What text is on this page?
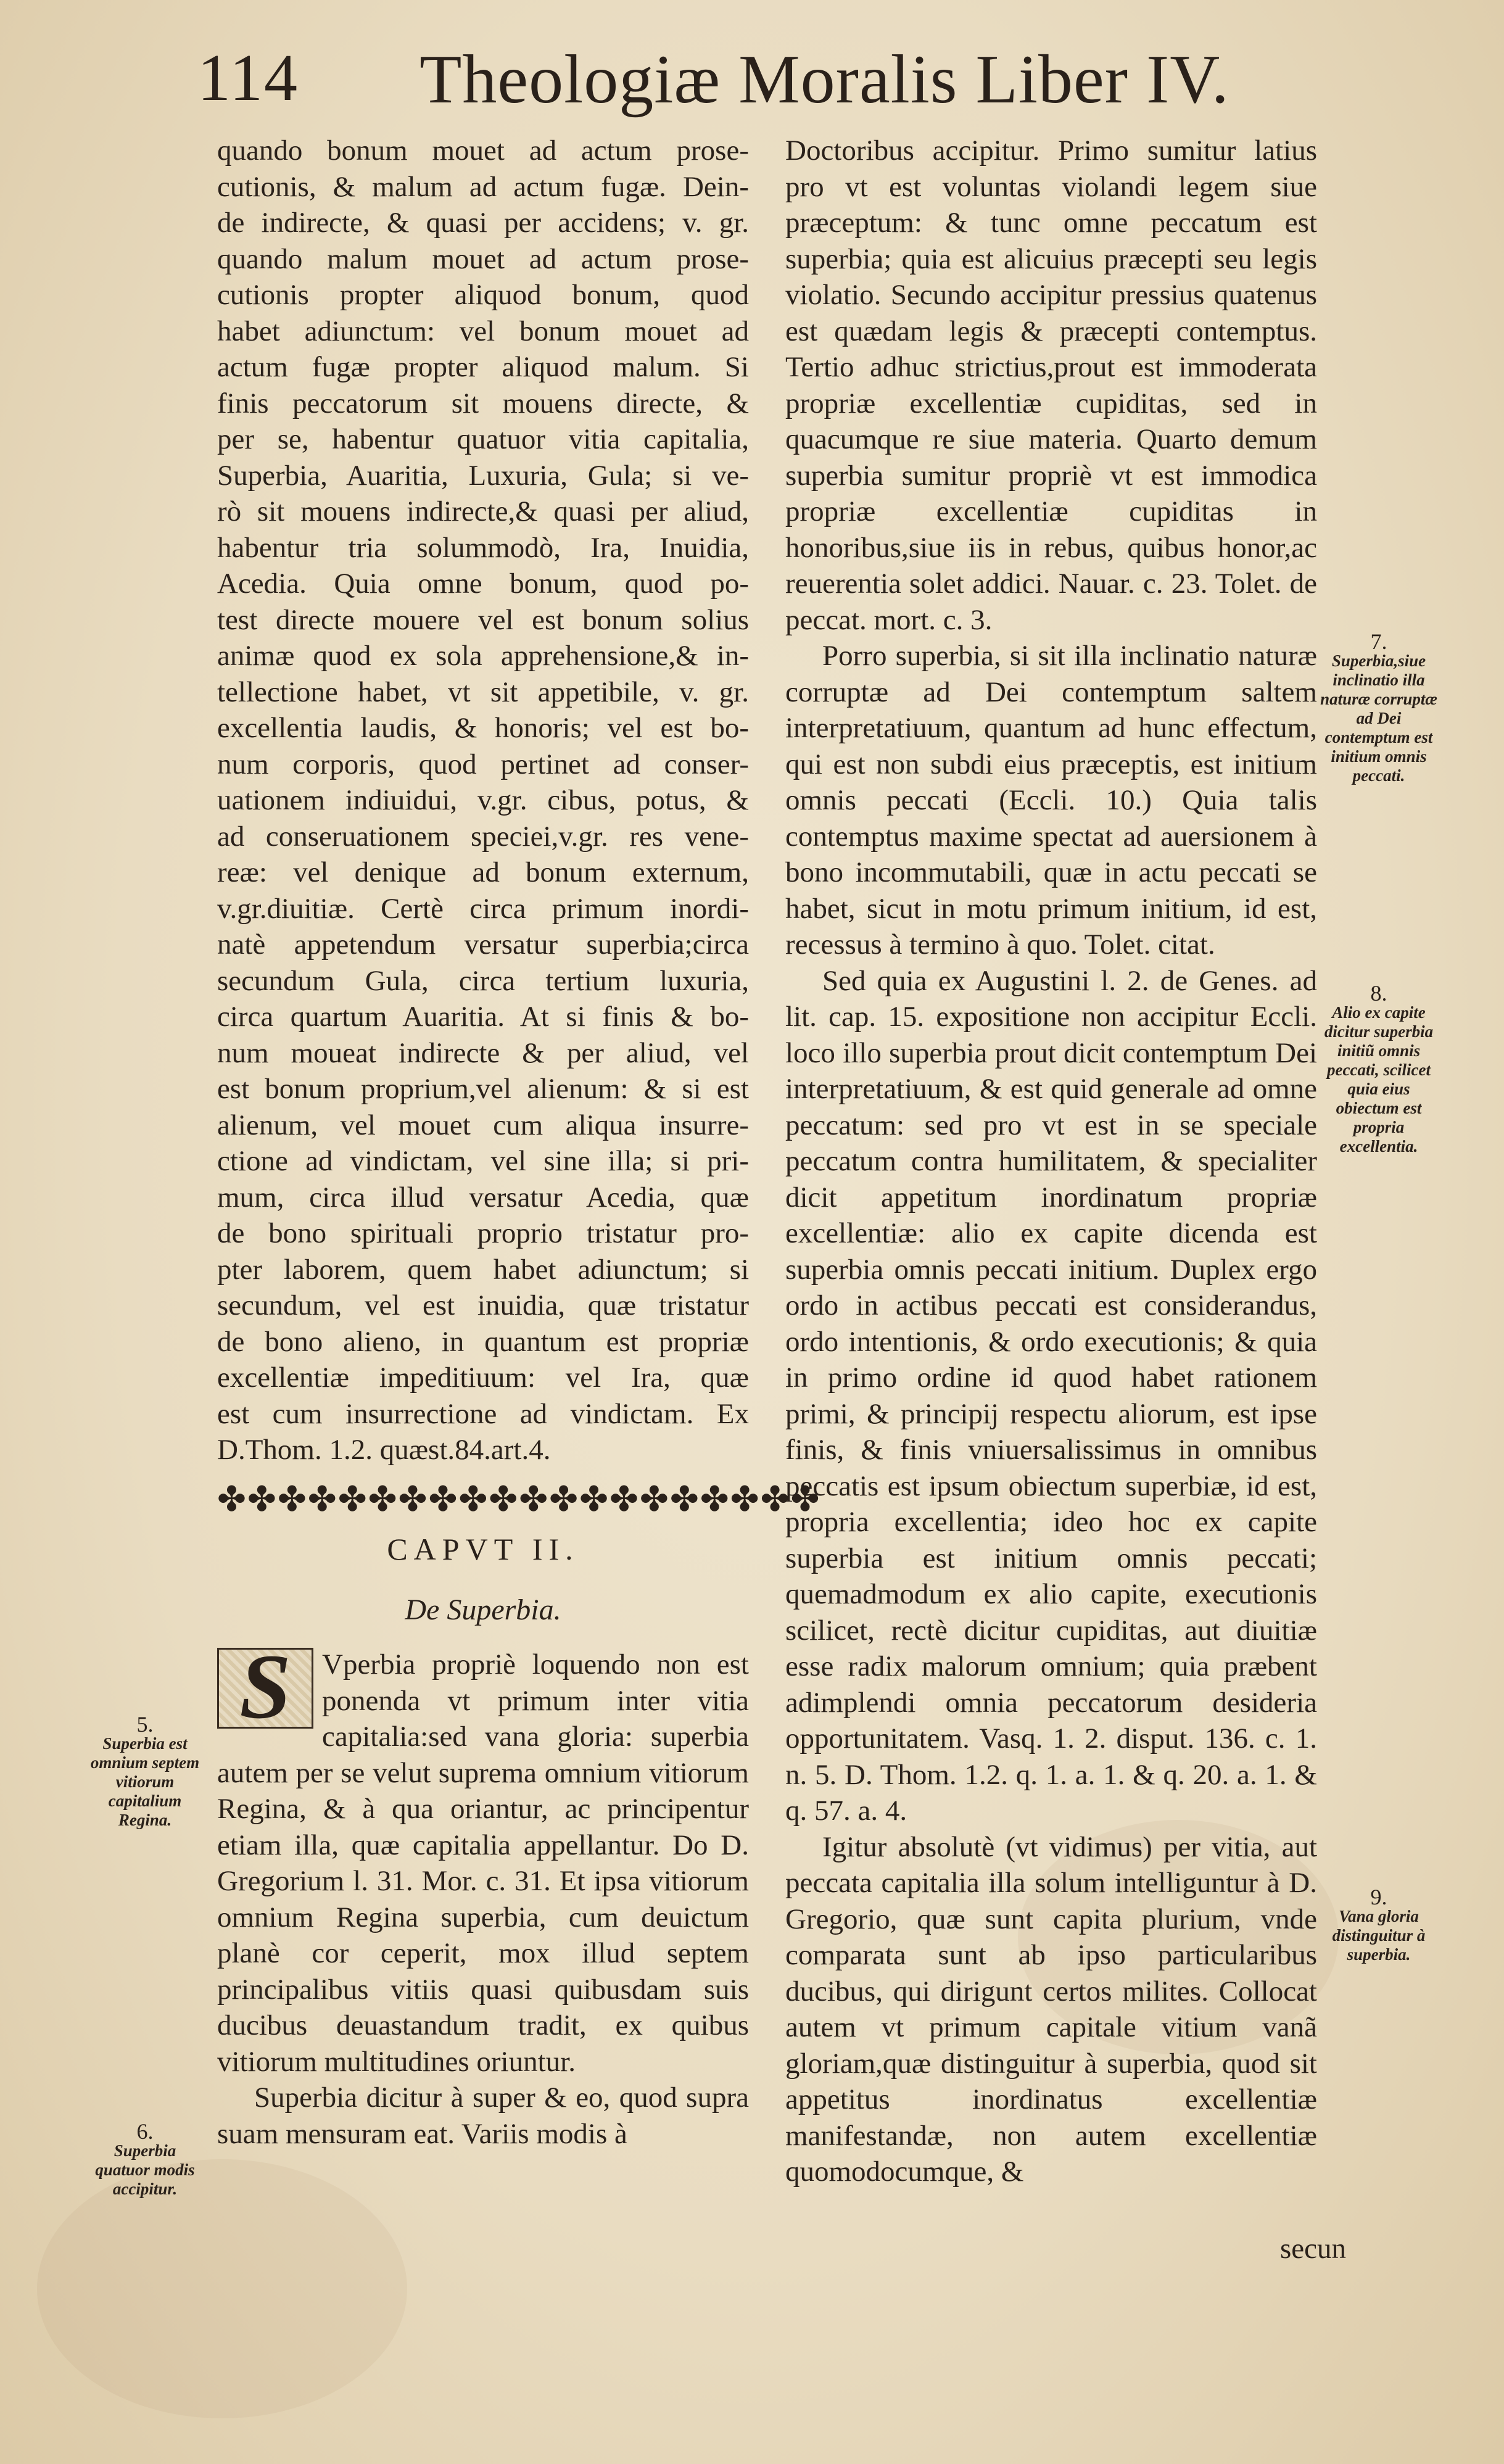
114 Theologiæ Moralis Liber IV.
quando bonum mouet ad actum prose-
cutionis, & malum ad actum fugæ. Dein-
de indirecte, & quasi per accidens; v. gr.
quando malum mouet ad actum prose-
cutionis propter aliquod bonum, quod
habet adiunctum: vel bonum mouet ad
actum fugæ propter aliquod malum. Si
finis peccatorum sit mouens directe, &
per se, habentur quatuor vitia capitalia,
Superbia, Auaritia, Luxuria, Gula; si ve-
rò sit mouens indirecte,& quasi per aliud,
habentur tria solummodò, Ira, Inuidia,
Acedia. Quia omne bonum, quod po-
test directe mouere vel est bonum solius
animæ quod ex sola apprehensione,& in-
tellectione habet, vt sit appetibile, v. gr.
excellentia laudis, & honoris; vel est bo-
num corporis, quod pertinet ad conser-
uationem indiuidui, v.gr. cibus, potus, &
ad conseruationem speciei,v.gr. res vene-
reæ: vel denique ad bonum externum,
v.gr.diuitiæ. Certè circa primum inordi-
natè appetendum versatur superbia;circa
secundum Gula, circa tertium luxuria,
circa quartum Auaritia. At si finis & bo-
num moueat indirecte & per aliud, vel
est bonum proprium,vel alienum: & si est
alienum, vel mouet cum aliqua insurre-
ctione ad vindictam, vel sine illa; si pri-
mum, circa illud versatur Acedia, quæ
de bono spirituali proprio tristatur pro-
pter laborem, quem habet adiunctum; si
secundum, vel est inuidia, quæ tristatur
de bono alieno, in quantum est propriæ
excellentiæ impeditiuum: vel Ira, quæ
est cum insurrectione ad vindictam. Ex
D.Thom. 1.2. quæst.84.art.4.
✤✤✤✤✤✤✤✤✤✤✤✤✤✤✤✤✤✤✤✤
CAPVT II.
De Superbia.

S	Vperbia propriè loquendo non est ponenda vt primum inter vitia capitalia:sed vana gloria: superbia autem per se velut suprema omnium vitiorum Regina, & à qua oriantur, ac principentur etiam illa, quæ capitalia appellantur. Do D. Gregorium l. 31. Mor. c. 31. Et ipsa vitiorum omnium Regina superbia, cum deuictum planè cor ceperit, mox illud septem principalibus vitiis quasi quibusdam suis ducibus deuastandum tradit, ex quibus vitiorum multitudines oriuntur.

Superbia dicitur à super & eo, quod supra suam mensuram eat. Variis modis à

Doctoribus accipitur. Primo sumitur latius pro vt est voluntas violandi legem siue præceptum: & tunc omne peccatum est superbia; quia est alicuius præcepti seu legis violatio. Secundo accipitur pressius quatenus est quædam legis & præcepti contemptus. Tertio adhuc strictius,prout est immoderata propriæ excellentiæ cupiditas, sed in quacumque re siue materia. Quarto demum superbia sumitur propriè vt est immodica propriæ excellentiæ cupiditas in honoribus,siue iis in rebus, quibus honor,ac reuerentia solet addici. Nauar. c. 23. Tolet. de peccat. mort. c. 3.

Porro superbia, si sit illa inclinatio naturæ corruptæ ad Dei contemptum saltem interpretatiuum, quantum ad hunc effectum, qui est non subdi eius præceptis, est initium omnis peccati (Eccli. 10.) Quia talis contemptus maxime spectat ad auersionem à bono incommutabili, quæ in actu peccati se habet, sicut in motu primum initium, id est, recessus à termino à quo. Tolet. citat.

Sed quia ex Augustini l. 2. de Genes. ad lit. cap. 15. expositione non accipitur Eccli. loco illo superbia prout dicit contemptum Dei interpretatiuum, & est quid generale ad omne peccatum: sed pro vt est in se speciale peccatum contra humilitatem, & specialiter dicit appetitum inordinatum propriæ excellentiæ: alio ex capite dicenda est superbia omnis peccati initium. Duplex ergo ordo in actibus peccati est considerandus, ordo intentionis, & ordo executionis; & quia in primo ordine id quod habet rationem primi, & principij respectu aliorum, est ipse finis, & finis vniuersalissimus in omnibus peccatis est ipsum obiectum superbiæ, id est, propria excellentia; ideo hoc ex capite superbia est initium omnis peccati; quemadmodum ex alio capite, executionis scilicet, rectè dicitur cupiditas, aut diuitiæ esse radix malorum omnium; quia præbent adimplendi omnia peccatorum desideria opportunitatem. Vasq. 1. 2. disput. 136. c. 1. n. 5. D. Thom. 1.2. q. 1. a. 1. & q. 20. a. 1. & q. 57. a. 4.

Igitur absolutè (vt vidimus) per vitia, aut peccata capitalia illa solum intelliguntur à D. Gregorio, quæ sunt capita plurium, vnde comparata sunt ab ipso particularibus ducibus, qui dirigunt certos milites. Collocat autem vt primum capitale vitium vanã gloriam,quæ distinguitur à superbia, quod sit appetitus inordinatus excellentiæ manifestandæ, non autem excellentiæ quomodocumque, &

secun
5.
Superbia est omnium septem vitiorum capitalium Regina.
6.
Superbia quatuor modis accipitur.
7.
Superbia,siue inclinatio illa naturæ corruptæ ad Dei contemptum est initium omnis peccati.
8.
Alio ex capite dicitur superbia initiũ omnis peccati, scilicet quia eius obiectum est propria excellentia.
9.
Vana gloria distinguitur à superbia.
